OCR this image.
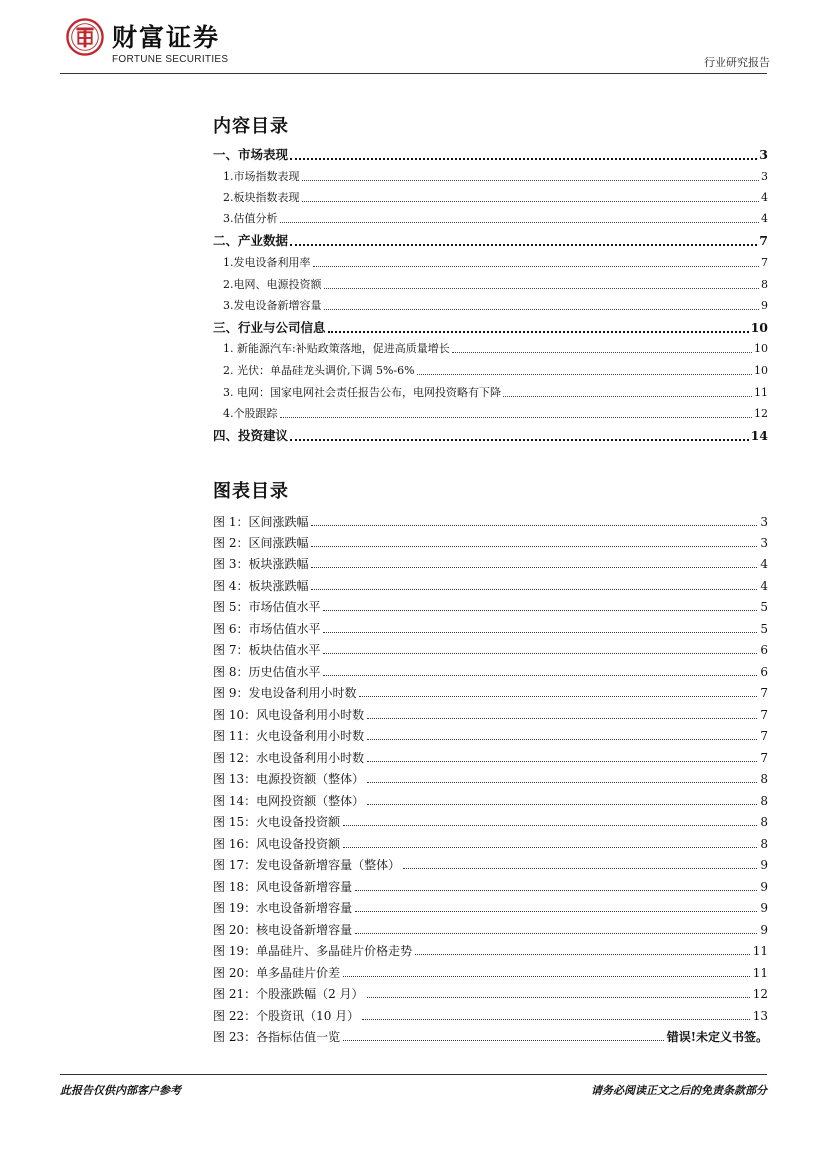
财富证券
FORTUNE SECURITIES	行业研究报告
内容目录
一、市场表现	3
1.市场指数表现	3
2.板块指数表现	4
3.估值分析	4
二、产业数据	7
1.发电设备利用率	7
2.电网、电源投资额	8
3.发电设备新增容量	9
三、行业与公司信息	10
1. 新能源汽车:补贴政策落地，促进高质量增长	10
2. 光伏：单晶硅龙头调价,下调 5%-6%	10
3. 电网：国家电网社会责任报告公布，电网投资略有下降	11
4.个股跟踪	12
四、投资建议	14
图表目录
图 1：区间涨跌幅	3
图 2：区间涨跌幅	3
图 3：板块涨跌幅	4
图 4：板块涨跌幅	4
图 5：市场估值水平	5
图 6：市场估值水平	5
图 7：板块估值水平	6
图 8：历史估值水平	6
图 9：发电设备利用小时数	7
图 10：风电设备利用小时数	7
图 11：火电设备利用小时数	7
图 12：水电设备利用小时数	7
图 13：电源投资额（整体）	8
图 14：电网投资额（整体）	8
图 15：火电设备投资额	8
图 16：风电设备投资额	8
图 17：发电设备新增容量（整体）	9
图 18：风电设备新增容量	9
图 19：水电设备新增容量	9
图 20：核电设备新增容量	9
图 19：单晶硅片、多晶硅片价格走势	11
图 20：单多晶硅片价差	11
图 21：个股涨跌幅（2 月）	12
图 22：个股资讯（10 月）	13
图 23：各指标估值一览	错误!未定义书签。
此报告仅供内部客户参考	请务必阅读正文之后的免责条款部分
